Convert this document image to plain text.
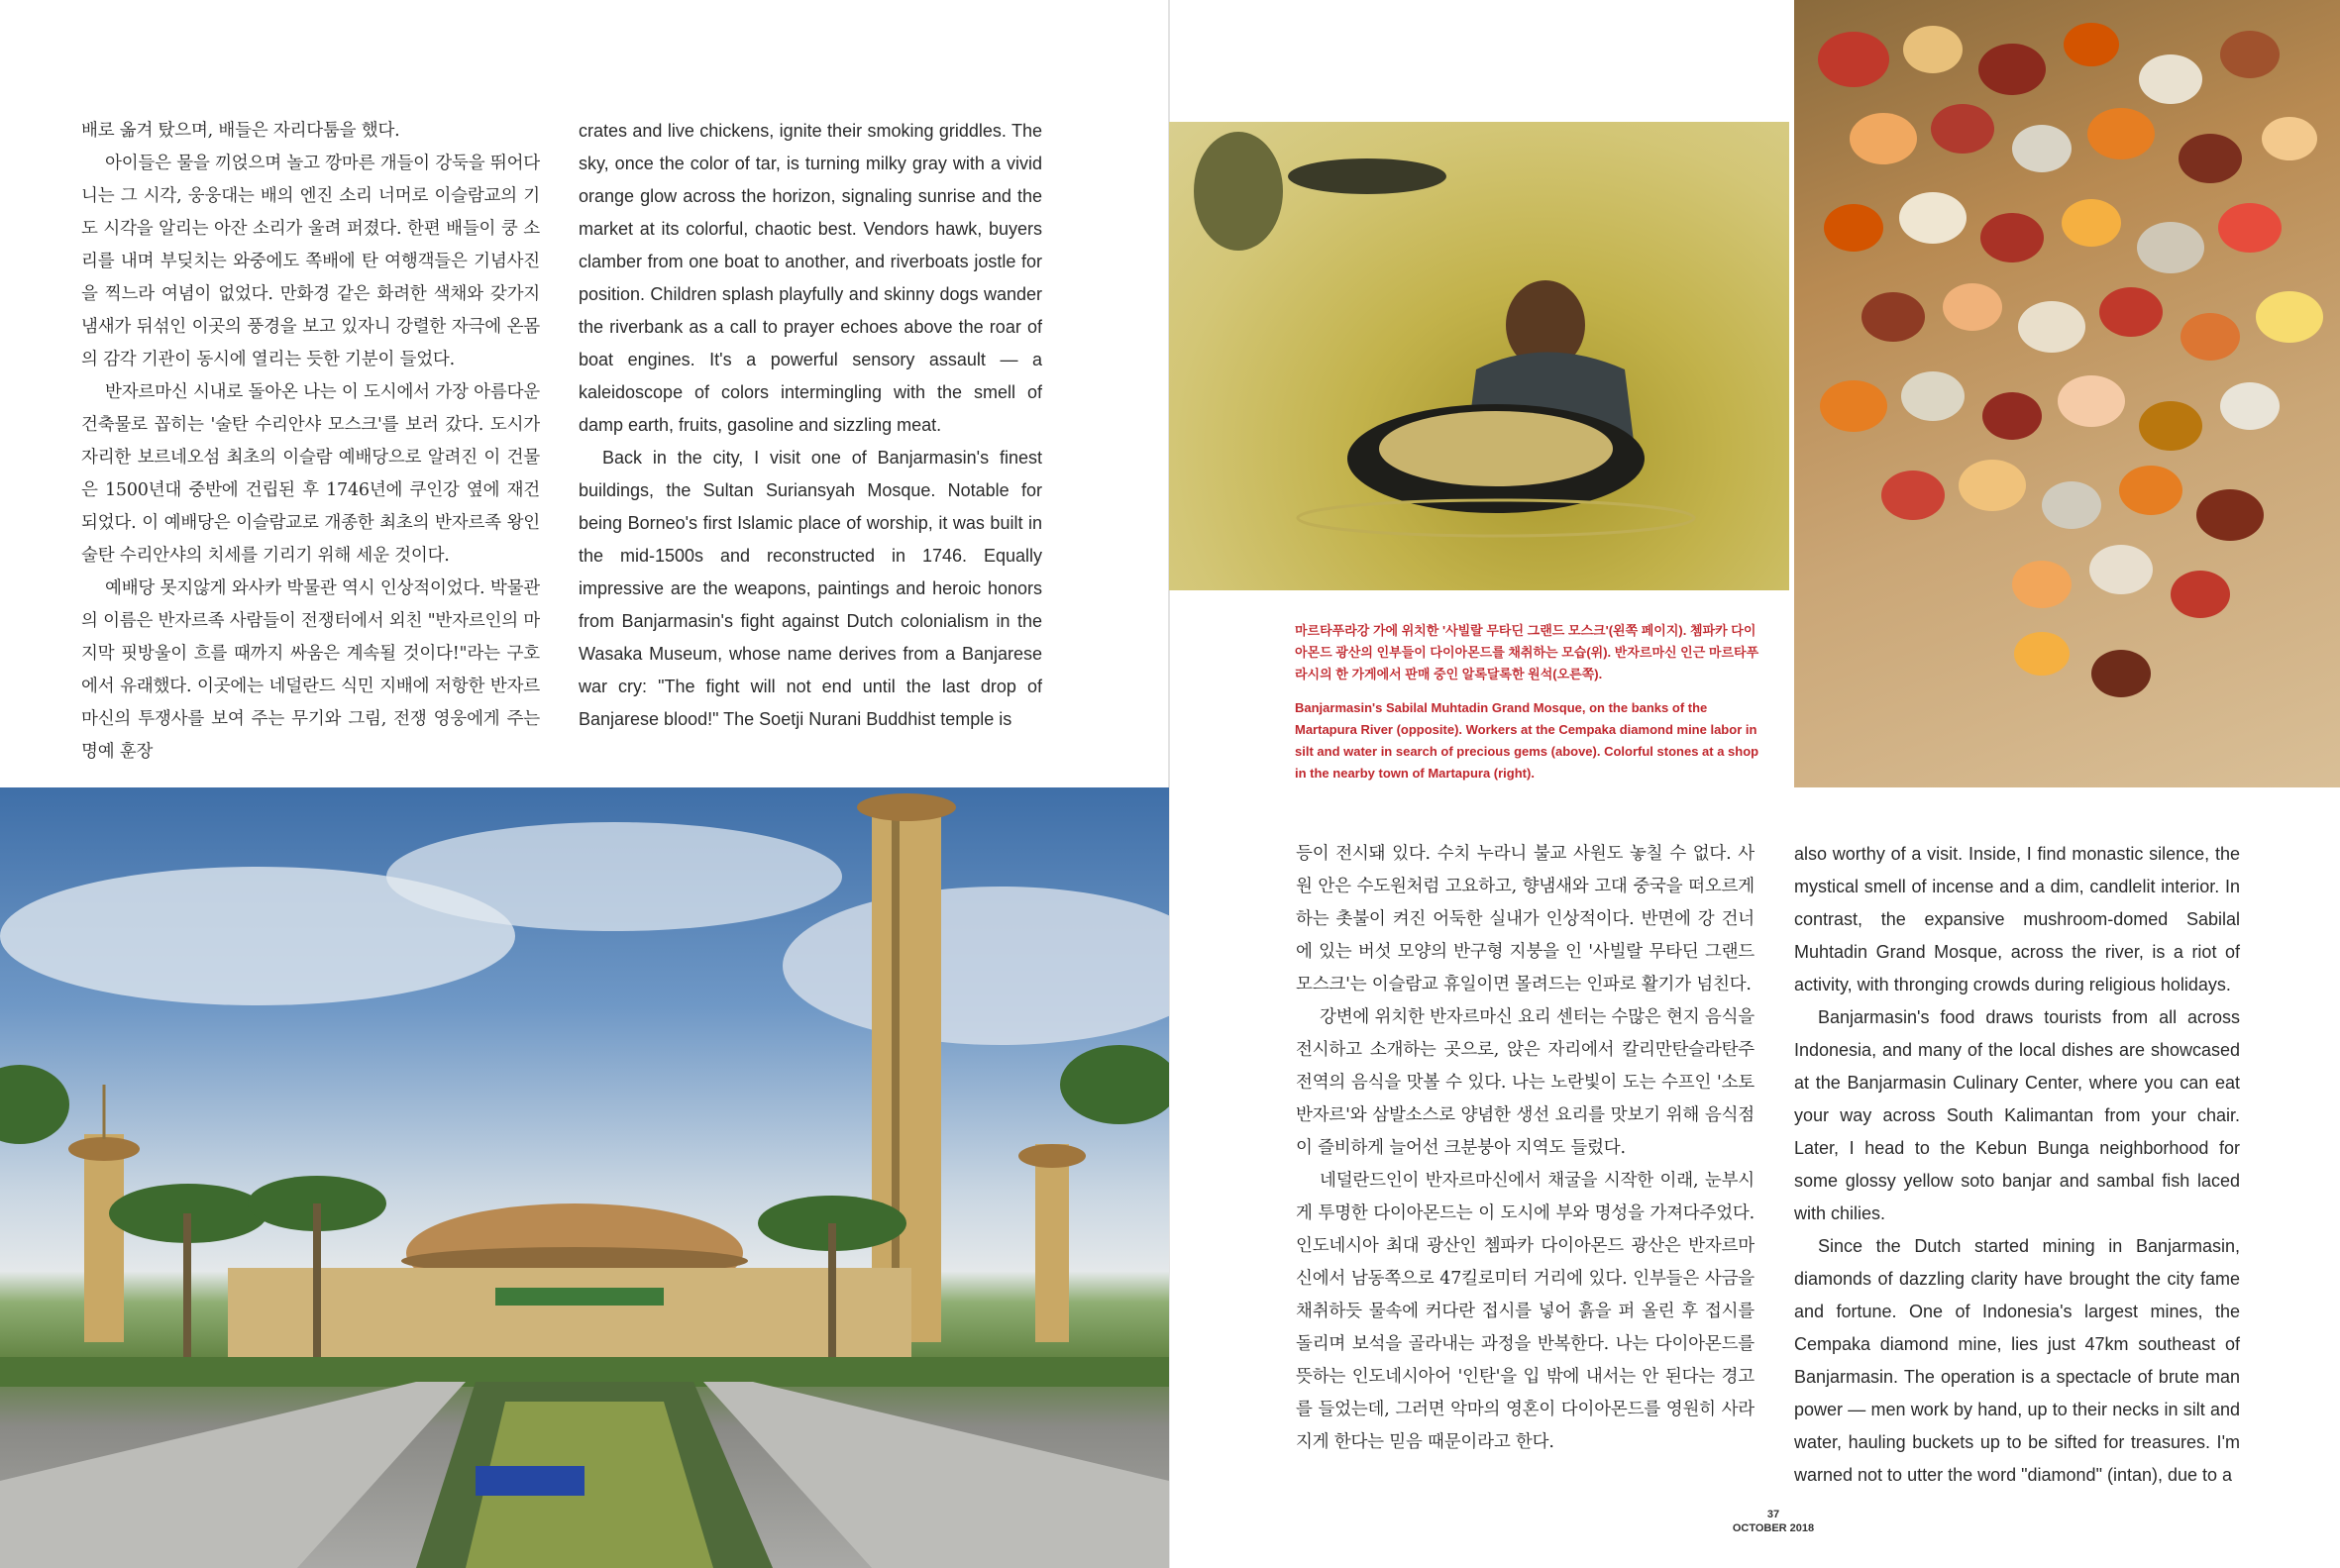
배로 옮겨 탔으며, 배들은 자리다툼을 했다.

아이들은 물을 끼얹으며 놀고 깡마른 개들이 강둑을 뛰어다니는 그 시각, 웅웅대는 배의 엔진 소리 너머로 이슬람교의 기도 시각을 알리는 아잔 소리가 울려 퍼졌다. 한편 배들이 쿵 소리를 내며 부딪치는 와중에도 쪽배에 탄 여행객들은 기념사진을 찍느라 여념이 없었다. 만화경 같은 화려한 색채와 갖가지 냄새가 뒤섞인 이곳의 풍경을 보고 있자니 강렬한 자극에 온몸의 감각 기관이 동시에 열리는 듯한 기분이 들었다.

반자르마신 시내로 돌아온 나는 이 도시에서 가장 아름다운 건축물로 꼽히는 '술탄 수리안샤 모스크'를 보러 갔다. 도시가 자리한 보르네오섬 최초의 이슬람 예배당으로 알려진 이 건물은 1500년대 중반에 건립된 후 1746년에 쿠인강 옆에 재건되었다. 이 예배당은 이슬람교로 개종한 최초의 반자르족 왕인 술탄 수리안샤의 치세를 기리기 위해 세운 것이다.

예배당 못지않게 와사카 박물관 역시 인상적이었다. 박물관의 이름은 반자르족 사람들이 전쟁터에서 외친 "반자르인의 마지막 핏방울이 흐를 때까지 싸움은 계속될 것이다!"라는 구호에서 유래했다. 이곳에는 네덜란드 식민 지배에 저항한 반자르마신의 투쟁사를 보여 주는 무기와 그림, 전쟁 영웅에게 주는 명예 훈장

crates and live chickens, ignite their smoking griddles. The sky, once the color of tar, is turning milky gray with a vivid orange glow across the horizon, signaling sunrise and the market at its colorful, chaotic best. Vendors hawk, buyers clamber from one boat to another, and riverboats jostle for position. Children splash playfully and skinny dogs wander the riverbank as a call to prayer echoes above the roar of boat engines. It's a powerful sensory assault — a kaleidoscope of colors intermingling with the smell of damp earth, fruits, gasoline and sizzling meat.

Back in the city, I visit one of Banjarmasin's finest buildings, the Sultan Suriansyah Mosque. Notable for being Borneo's first Islamic place of worship, it was built in the mid-1500s and reconstructed in 1746. Equally impressive are the weapons, paintings and heroic honors from Banjarmasin's fight against Dutch colonialism in the Wasaka Museum, whose name derives from a Banjarese war cry: "The fight will not end until the last drop of Banjarese blood!" The Soetji Nurani Buddhist temple is

마르타푸라강 가에 위치한 '사빌랄 무타딘 그랜드 모스크'(왼쪽 페이지). 쳄파카 다이아몬드 광산의 인부들이 다이아몬드를 채취하는 모습(위). 반자르마신 인근 마르타푸라시의 한 가게에서 판매 중인 알록달록한 원석(오른쪽).
Banjarmasin's Sabilal Muhtadin Grand Mosque, on the banks of the Martapura River (opposite). Workers at the Cempaka diamond mine labor in silt and water in search of precious gems (above). Colorful stones at a shop in the nearby town of Martapura (right).

등이 전시돼 있다. 수치 누라니 불교 사원도 놓칠 수 없다. 사원 안은 수도원처럼 고요하고, 향냄새와 고대 중국을 떠오르게 하는 촛불이 켜진 어둑한 실내가 인상적이다. 반면에 강 건너에 있는 버섯 모양의 반구형 지붕을 인 '사빌랄 무타딘 그랜드 모스크'는 이슬람교 휴일이면 몰려드는 인파로 활기가 넘친다.

강변에 위치한 반자르마신 요리 센터는 수많은 현지 음식을 전시하고 소개하는 곳으로, 앉은 자리에서 칼리만탄슬라탄주 전역의 음식을 맛볼 수 있다. 나는 노란빛이 도는 수프인 '소토 반자르'와 삼발소스로 양념한 생선 요리를 맛보기 위해 음식점이 즐비하게 늘어선 크분붕아 지역도 들렀다.

네덜란드인이 반자르마신에서 채굴을 시작한 이래, 눈부시게 투명한 다이아몬드는 이 도시에 부와 명성을 가져다주었다. 인도네시아 최대 광산인 쳄파카 다이아몬드 광산은 반자르마신에서 남동쪽으로 47킬로미터 거리에 있다. 인부들은 사금을 채취하듯 물속에 커다란 접시를 넣어 흙을 퍼 올린 후 접시를 돌리며 보석을 골라내는 과정을 반복한다. 나는 다이아몬드를 뜻하는 인도네시아어 '인탄'을 입 밖에 내서는 안 된다는 경고를 들었는데, 그러면 악마의 영혼이 다이아몬드를 영원히 사라지게 한다는 믿음 때문이라고 한다.

also worthy of a visit. Inside, I find monastic silence, the mystical smell of incense and a dim, candlelit interior. In contrast, the expansive mushroom-domed Sabilal Muhtadin Grand Mosque, across the river, is a riot of activity, with thronging crowds during religious holidays.

Banjarmasin's food draws tourists from all across Indonesia, and many of the local dishes are showcased at the Banjarmasin Culinary Center, where you can eat your way across South Kalimantan from your chair. Later, I head to the Kebun Bunga neighborhood for some glossy yellow soto banjar and sambal fish laced with chilies.

Since the Dutch started mining in Banjarmasin, diamonds of dazzling clarity have brought the city fame and fortune. One of Indonesia's largest mines, the Cempaka diamond mine, lies just 47km southeast of Banjarmasin. The operation is a spectacle of brute man power — men work by hand, up to their necks in silt and water, hauling buckets up to be sifted for treasures. I'm warned not to utter the word "diamond" (intan), due to a

37
OCTOBER 2018
